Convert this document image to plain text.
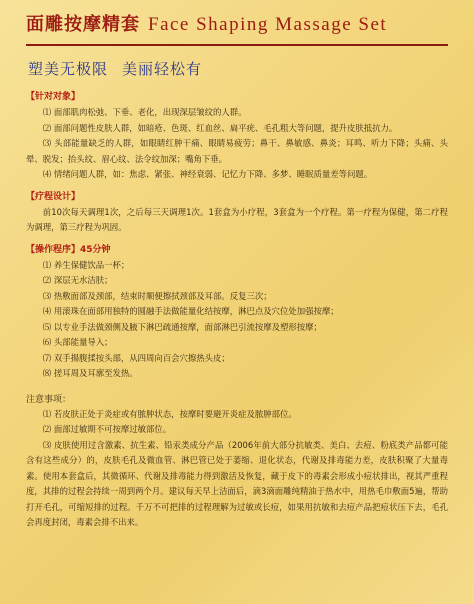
面雕按摩精套 Face Shaping Massage Set
塑美无极限 美丽轻松有
【针对对象】

⑴ 面部肌肉松弛、下垂、老化，出现深层皱纹的人群。

⑵ 面部问题性皮肤人群，如暗疮、色斑、红血丝、扁平疣、毛孔粗大等问题，提升皮肤抵抗力。

⑶ 头部能量缺乏的人群，如眼睛红肿干痛、眼睛易疲劳；鼻干、鼻敏感、鼻炎；耳鸣、听力下降；头痛、头晕、脱发；抬头纹、眉心纹、法令纹加深；嘴角下垂。

⑷ 情绪问题人群，如：焦虑、紧张、神经衰弱、记忆力下降、多梦、睡眠质量差等问题。

【疗程设计】

前10次每天调理1次，之后每三天调理1次。1套盒为小疗程，3套盒为一个疗程。第一疗程为保健，第二疗程为调理，第三疗程为巩固。

【操作程序】45分钟

⑴ 养生保健饮品一杯；

⑵ 深层无水洁肤；

⑶ 热敷面部及颈部，结束时顺便擦拭颈部及耳部。反复三次；

⑷ 用滚珠在面部用独特的圆融手法做能量化结按摩，淋巴点及穴位处加强按摩；

⑸ 以专业手法做颈侧及腋下淋巴疏通按摩，面部淋巴引流按摩及塑形按摩；

⑹ 头部能量导入；

⑺ 双手揚腹揉按头部，从四周向百会穴擦热头皮；

⑻ 搓耳周及耳廓至发热。

注意事项：

⑴ 若皮肤正处于炎症或有脓肿状态，按摩时要避开炎症及脓肿部位。

⑵ 面部过敏期不可按摩过敏部位。

⑶ 皮肤使用过含激素、抗生素、铅汞类成分产品（2006年前大部分抗敏类、美白、去痘、粉底类产品都可能含有这些成分）的，皮肤毛孔及微血管、淋巴管已处于萎缩、退化状态，代谢及排毒能力差，皮肤积聚了大量毒素。使用本套盒后，其微循环、代谢及排毒能力得到激活及恢复，藏于皮下的毒素会形成小痘状排出，视其严重程度，其排的过程会持续一周到两个月。建议每天早上洁面后，滴3滴面雕纯精油于热水中，用热毛巾敷面5遍，帮助打开毛孔，可缩短排的过程。千万不可把排的过程理解为过敏或长痘，如果用抗敏和去痘产品把痘状压下去，毛孔会再度封闭，毒素会排不出来。
